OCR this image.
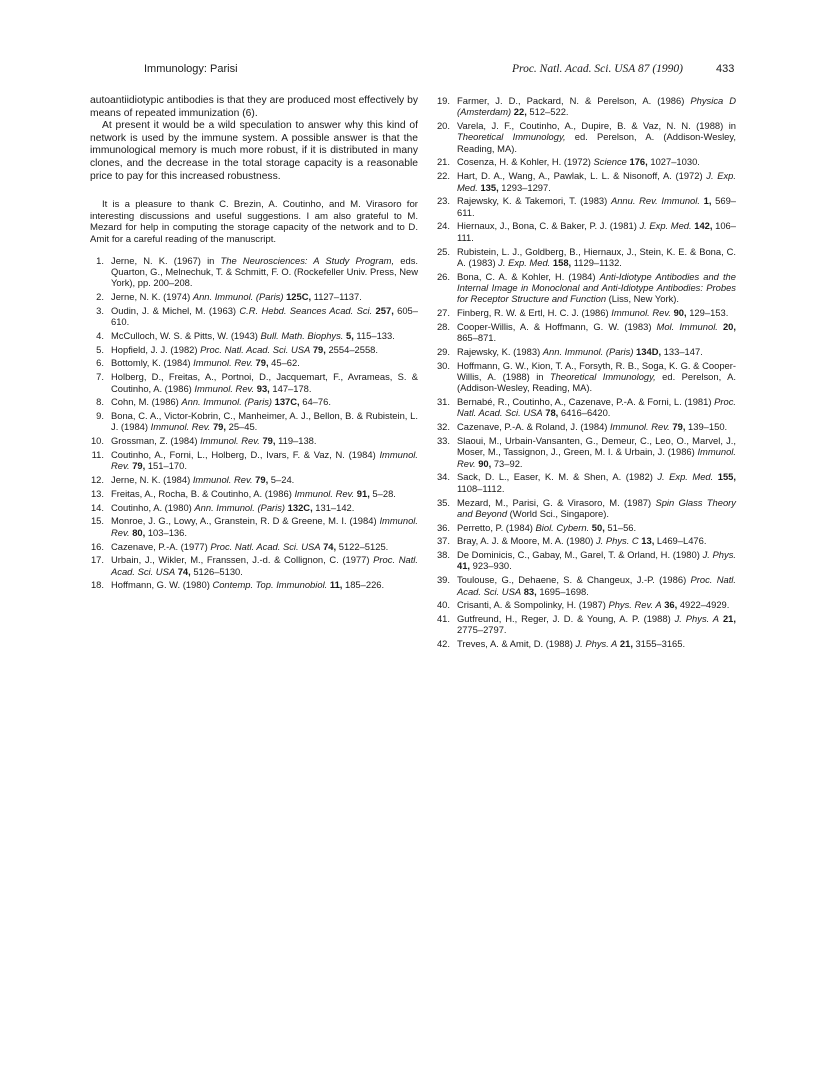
Immunology: Parisi	Proc. Natl. Acad. Sci. USA 87 (1990)	433

autoantiidiotypic antibodies is that they are produced most effectively by means of repeated immunization (6).

At present it would be a wild speculation to answer why this kind of network is used by the immune system. A possible answer is that the immunological memory is much more robust, if it is distributed in many clones, and the decrease in the total storage capacity is a reasonable price to pay for this increased robustness.

It is a pleasure to thank C. Brezin, A. Coutinho, and M. Virasoro for interesting discussions and useful suggestions. I am also grateful to M. Mezard for help in computing the storage capacity of the network and to D. Amit for a careful reading of the manuscript.

1. Jerne, N. K. (1967) in The Neurosciences: A Study Program, eds. Quarton, G., Melnechuk, T. & Schmitt, F. O. (Rockefeller Univ. Press, New York), pp. 200–208.
2. Jerne, N. K. (1974) Ann. Immunol. (Paris) 125C, 1127–1137.
3. Oudin, J. & Michel, M. (1963) C.R. Hebd. Seances Acad. Sci. 257, 605–610.
4. McCulloch, W. S. & Pitts, W. (1943) Bull. Math. Biophys. 5, 115–133.
5. Hopfield, J. J. (1982) Proc. Natl. Acad. Sci. USA 79, 2554–2558.
6. Bottomly, K. (1984) Immunol. Rev. 79, 45–62.
7. Holberg, D., Freitas, A., Portnoi, D., Jacquemart, F., Avrameas, S. & Coutinho, A. (1986) Immunol. Rev. 93, 147–178.
8. Cohn, M. (1986) Ann. Immunol. (Paris) 137C, 64–76.
9. Bona, C. A., Victor-Kobrin, C., Manheimer, A. J., Bellon, B. & Rubistein, L. J. (1984) Immunol. Rev. 79, 25–45.
10. Grossman, Z. (1984) Immunol. Rev. 79, 119–138.
11. Coutinho, A., Forni, L., Holberg, D., Ivars, F. & Vaz, N. (1984) Immunol. Rev. 79, 151–170.
12. Jerne, N. K. (1984) Immunol. Rev. 79, 5–24.
13. Freitas, A., Rocha, B. & Coutinho, A. (1986) Immunol. Rev. 91, 5–28.
14. Coutinho, A. (1980) Ann. Immunol. (Paris) 132C, 131–142.
15. Monroe, J. G., Lowy, A., Granstein, R. D & Greene, M. I. (1984) Immunol. Rev. 80, 103–136.
16. Cazenave, P.-A. (1977) Proc. Natl. Acad. Sci. USA 74, 5122–5125.
17. Urbain, J., Wikler, M., Franssen, J.-d. & Collignon, C. (1977) Proc. Natl. Acad. Sci. USA 74, 5126–5130.
18. Hoffmann, G. W. (1980) Contemp. Top. Immunobiol. 11, 185–226.
19. Farmer, J. D., Packard, N. & Perelson, A. (1986) Physica D (Amsterdam) 22, 512–522.
20. Varela, J. F., Coutinho, A., Dupire, B. & Vaz, N. N. (1988) in Theoretical Immunology, ed. Perelson, A. (Addison-Wesley, Reading, MA).
21. Cosenza, H. & Kohler, H. (1972) Science 176, 1027–1030.
22. Hart, D. A., Wang, A., Pawlak, L. L. & Nisonoff, A. (1972) J. Exp. Med. 135, 1293–1297.
23. Rajewsky, K. & Takemori, T. (1983) Annu. Rev. Immunol. 1, 569–611.
24. Hiernaux, J., Bona, C. & Baker, P. J. (1981) J. Exp. Med. 142, 106–111.
25. Rubistein, L. J., Goldberg, B., Hiernaux, J., Stein, K. E. & Bona, C. A. (1983) J. Exp. Med. 158, 1129–1132.
26. Bona, C. A. & Kohler, H. (1984) Anti-Idiotype Antibodies and the Internal Image in Monoclonal and Anti-Idiotype Antibodies: Probes for Receptor Structure and Function (Liss, New York).
27. Finberg, R. W. & Ertl, H. C. J. (1986) Immunol. Rev. 90, 129–153.
28. Cooper-Willis, A. & Hoffmann, G. W. (1983) Mol. Immunol. 20, 865–871.
29. Rajewsky, K. (1983) Ann. Immunol. (Paris) 134D, 133–147.
30. Hoffmann, G. W., Kion, T. A., Forsyth, R. B., Soga, K. G. & Cooper-Willis, A. (1988) in Theoretical Immunology, ed. Perelson, A. (Addison-Wesley, Reading, MA).
31. Bernabé, R., Coutinho, A., Cazenave, P.-A. & Forni, L. (1981) Proc. Natl. Acad. Sci. USA 78, 6416–6420.
32. Cazenave, P.-A. & Roland, J. (1984) Immunol. Rev. 79, 139–150.
33. Slaoui, M., Urbain-Vansanten, G., Demeur, C., Leo, O., Marvel, J., Moser, M., Tassignon, J., Green, M. I. & Urbain, J. (1986) Immunol. Rev. 90, 73–92.
34. Sack, D. L., Easer, K. M. & Shen, A. (1982) J. Exp. Med. 155, 1108–1112.
35. Mezard, M., Parisi, G. & Virasoro, M. (1987) Spin Glass Theory and Beyond (World Sci., Singapore).
36. Perretto, P. (1984) Biol. Cybern. 50, 51–56.
37. Bray, A. J. & Moore, M. A. (1980) J. Phys. C 13, L469–L476.
38. De Dominicis, C., Gabay, M., Garel, T. & Orland, H. (1980) J. Phys. 41, 923–930.
39. Toulouse, G., Dehaene, S. & Changeux, J.-P. (1986) Proc. Natl. Acad. Sci. USA 83, 1695–1698.
40. Crisanti, A. & Sompolinky, H. (1987) Phys. Rev. A 36, 4922–4929.
41. Gutfreund, H., Reger, J. D. & Young, A. P. (1988) J. Phys. A 21, 2775–2797.
42. Treves, A. & Amit, D. (1988) J. Phys. A 21, 3155–3165.
